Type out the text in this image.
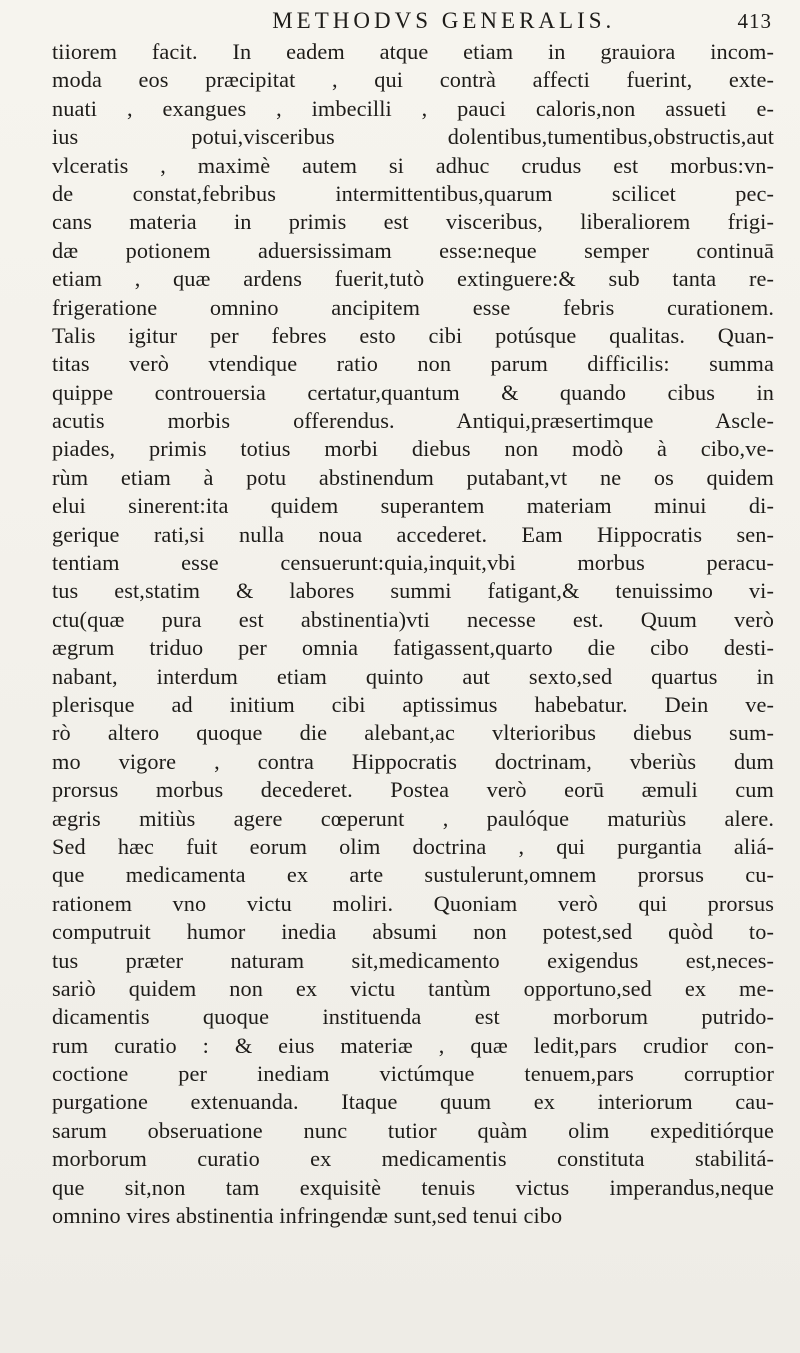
METHODVS GENERALIS.	413
tiiorem facit. In eadem atque etiam in grauiora incom-
moda eos præcipitat , qui contrà affecti fuerint, exte-
nuati , exangues , imbecilli , pauci caloris,non assueti e-
ius potui,visceribus dolentibus,tumentibus,obstructis,aut
vlceratis , maximè autem si adhuc crudus est morbus:vn-
de constat,febribus intermittentibus,quarum scilicet pec-
cans materia in primis est visceribus, liberaliorem frigi-
dæ potionem aduersissimam esse:neque semper continuā
etiam , quæ ardens fuerit,tutò extinguere:& sub tanta re-
frigeratione omnino ancipitem esse febris curationem.
Talis igitur per febres esto cibi potúsque qualitas. Quan-
titas verò vtendique ratio non parum difficilis: summa
quippe controuersia certatur,quantum & quando cibus in
acutis morbis offerendus. Antiqui,præsertimque Ascle-
piades, primis totius morbi diebus non modò à cibo,ve-
rùm etiam à potu abstinendum putabant,vt ne os quidem
elui sinerent:ita quidem superantem materiam minui di-
gerique rati,si nulla noua accederet. Eam Hippocratis sen-
tentiam esse censuerunt:quia,inquit,vbi morbus peracu-
tus est,statim & labores summi fatigant,& tenuissimo vi-
ctu(quæ pura est abstinentia)vti necesse est. Quum verò
ægrum triduo per omnia fatigassent,quarto die cibo desti-
nabant, interdum etiam quinto aut sexto,sed quartus in
plerisque ad initium cibi aptissimus habebatur. Dein ve-
rò altero quoque die alebant,ac vlterioribus diebus sum-
mo vigore , contra Hippocratis doctrinam, vberiùs dum
prorsus morbus decederet. Postea verò eorū æmuli cum
ægris mitiùs agere cœperunt , paulóque maturiùs alere.
Sed hæc fuit eorum olim doctrina , qui purgantia aliá-
que medicamenta ex arte sustulerunt,omnem prorsus cu-
rationem vno victu moliri. Quoniam verò qui prorsus
computruit humor inedia absumi non potest,sed quòd to-
tus præter naturam sit,medicamento exigendus est,neces-
sariò quidem non ex victu tantùm opportuno,sed ex me-
dicamentis quoque instituenda est morborum putrido-
rum curatio : & eius materiæ , quæ ledit,pars crudior con-
coctione per inediam victúmque tenuem,pars corruptior
purgatione extenuanda. Itaque quum ex interiorum cau-
sarum obseruatione nunc tutior quàm olim expeditiórque
morborum curatio ex medicamentis constituta stabilitá-
que sit,non tam exquisitè tenuis victus imperandus,neque
omnino vires abstinentia infringendæ sunt,sed tenui cibo
